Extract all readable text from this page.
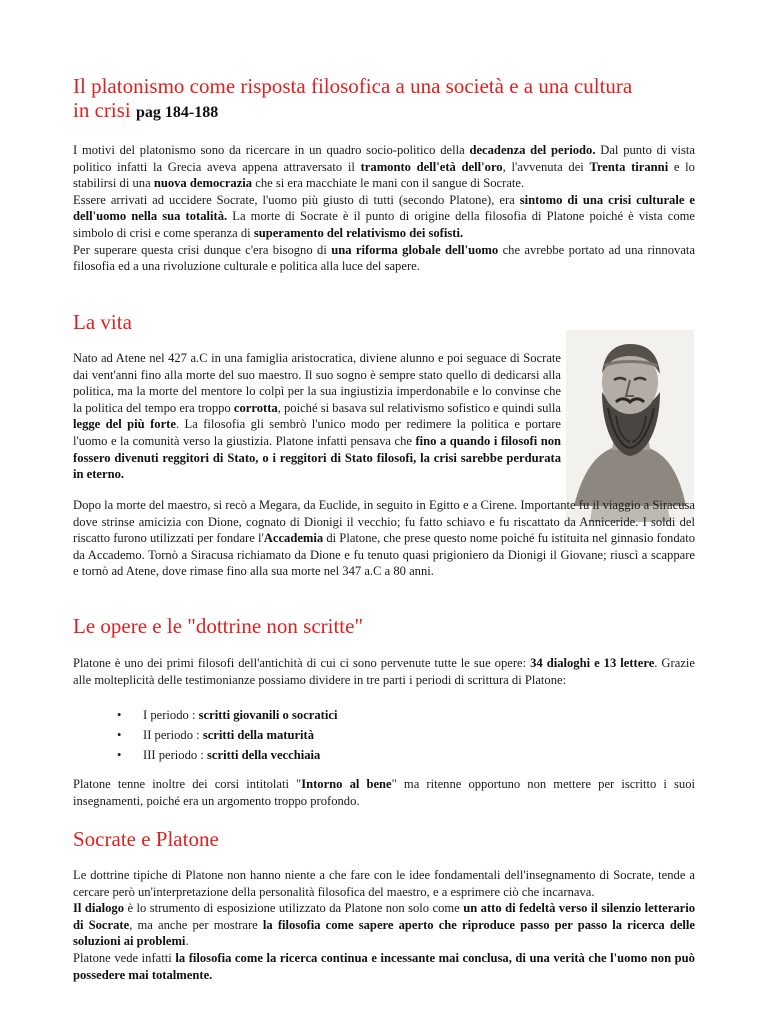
Il platonismo come risposta filosofica a una società e a una cultura
in crisi pag 184-188

I motivi del platonismo sono da ricercare in un quadro socio-politico della decadenza del periodo. Dal punto di vista politico infatti la Grecia aveva appena attraversato il tramonto dell'età dell'oro, l'avvenuta dei Trenta tiranni e lo stabilirsi di una nuova democrazia che si era macchiate le mani con il sangue di Socrate.

Essere arrivati ad uccidere Socrate, l'uomo più giusto di tutti (secondo Platone), era sintomo di una crisi culturale e dell'uomo nella sua totalità. La morte di Socrate è il punto di origine della filosofia di Platone poiché è vista come simbolo di crisi e come speranza di superamento del relativismo dei sofisti.

Per superare questa crisi dunque c'era bisogno di una riforma globale dell'uomo che avrebbe portato ad una rinnovata filosofia ed a una rivoluzione culturale e politica alla luce del sapere.

La vita

Nato ad Atene nel 427 a.C in una famiglia aristocratica, diviene alunno e poi seguace di Socrate dai vent'anni fino alla morte del suo maestro. Il suo sogno è sempre stato quello di dedicarsi alla politica, ma la morte del mentore lo colpì per la sua ingiustizia imperdonabile e lo convinse che la politica del tempo era troppo corrotta, poiché si basava sul relativismo sofistico e quindi sulla legge del più forte. La filosofia gli sembrò l'unico modo per redimere la politica e portare l'uomo e la comunità verso la giustizia. Platone infatti pensava che fino a quando i filosofi non fossero divenuti reggitori di Stato, o i reggitori di Stato filosofi, la crisi sarebbe perdurata in eterno.

Dopo la morte del maestro, si recò a Megara, da Euclide, in seguito in Egitto e a Cirene. Importante fu il viaggio a Siracusa dove strinse amicizia con Dione, cognato di Dionigi il vecchio; fu fatto schiavo e fu riscattato da Anniceride. I soldi del riscatto furono utilizzati per fondare l'Accademia di Platone, che prese questo nome poiché fu istituita nel ginnasio fondato da Accademo. Tornò a Siracusa richiamato da Dione e fu tenuto quasi prigioniero da Dionigi il Giovane; riuscì a scappare e tornò ad Atene, dove rimase fino alla sua morte nel 347 a.C a 80 anni.

Le opere e le "dottrine non scritte"

Platone è uno dei primi filosofi dell'antichità di cui ci sono pervenute tutte le sue opere: 34 dialoghi e 13 lettere. Grazie alle molteplicità delle testimonianze possiamo dividere in tre parti i periodi di scrittura di Platone:

• I periodo : scritti giovanili o socratici
• II periodo : scritti della maturità
• III periodo : scritti della vecchiaia

Platone tenne inoltre dei corsi intitolati "Intorno al bene" ma ritenne opportuno non mettere per iscritto i suoi insegnamenti, poiché era un argomento troppo profondo.

Socrate e Platone

Le dottrine tipiche di Platone non hanno niente a che fare con le idee fondamentali dell'insegnamento di Socrate, tende a cercare però un'interpretazione della personalità filosofica del maestro, e a esprimere ciò che incarnava.

Il dialogo è lo strumento di esposizione utilizzato da Platone non solo come un atto di fedeltà verso il silenzio letterario di Socrate, ma anche per mostrare la filosofia come sapere aperto che riproduce passo per passo la ricerca delle soluzioni ai problemi.

Platone vede infatti la filosofia come la ricerca continua e incessante mai conclusa, di una verità che l'uomo non può possedere mai totalmente.
